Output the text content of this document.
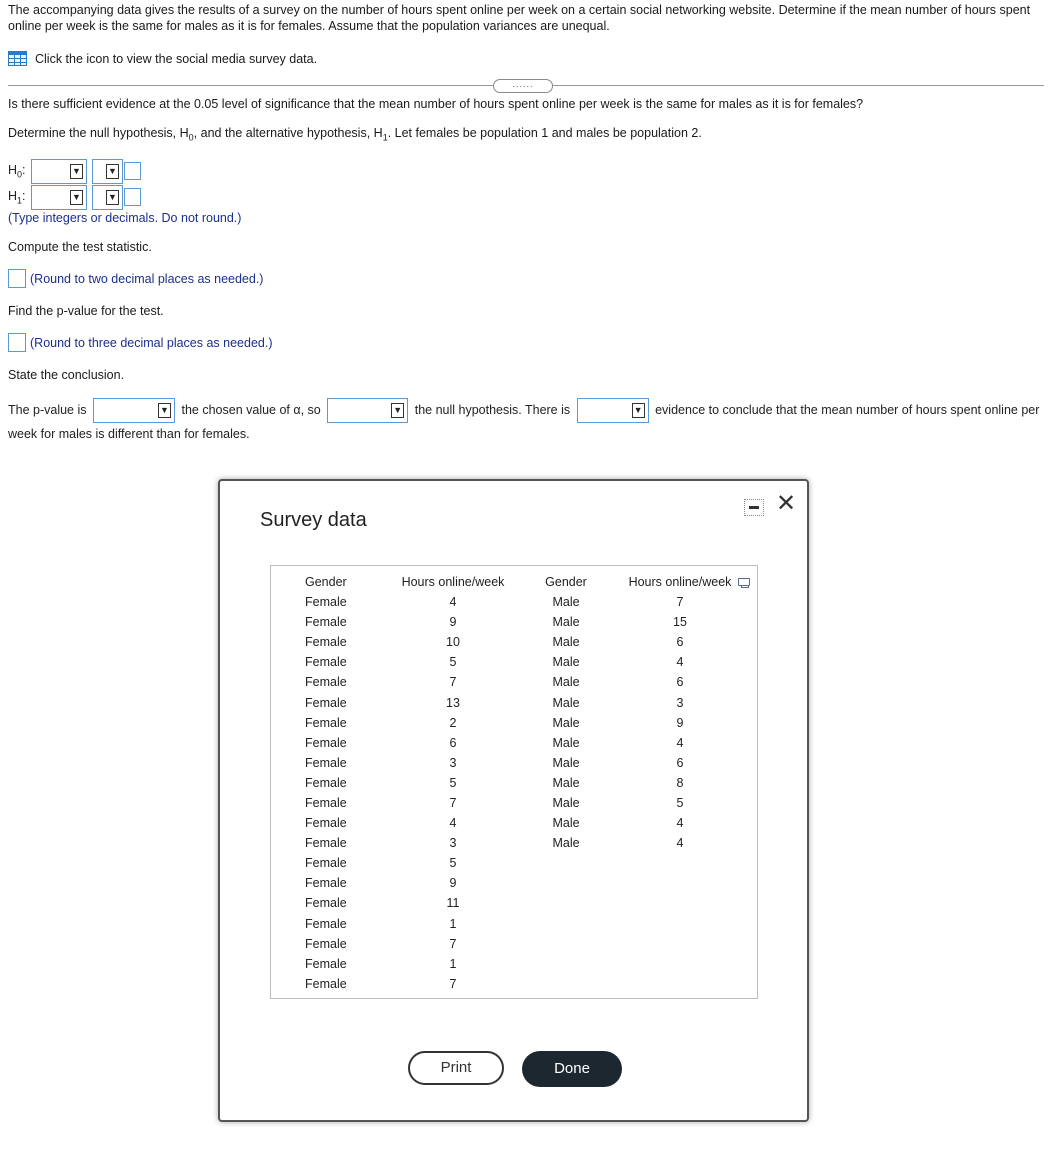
The accompanying data gives the results of a survey on the number of hours spent online per week on a certain social networking website. Determine if the mean number of hours spent online per week is the same for males as it is for females. Assume that the population variances are unequal.
Click the icon to view the social media survey data.
......
Is there sufficient evidence at the 0.05 level of significance that the mean number of hours spent online per week is the same for males as it is for females?
Determine the null hypothesis, $H_0$, and the alternative hypothesis, $H_1$. Let females be population 1 and males be population 2.
$H_0$:	▼	▼
$H_1$:	▼	▼
(Type integers or decimals. Do not round.)
Compute the test statistic.
(Round to two decimal places as needed.)
Find the p-value for the test.
(Round to three decimal places as needed.)
State the conclusion.
The p-value is	▼ the chosen value of α, so	▼ the null hypothesis. There is	▼ evidence to conclude that the mean number of hours spent online per week for males is different than for females.
Survey data
✕
Gender	Hours online/week	Gender	Hours online/week
Female	4	Male	7
Female	9	Male	15
Female	10	Male	6
Female	5	Male	4
Female	7	Male	6
Female	13	Male	3
Female	2	Male	9
Female	6	Male	4
Female	3	Male	6
Female	5	Male	8
Female	7	Male	5
Female	4	Male	4
Female	3	Male	4
Female	5		
Female	9		
Female	11		
Female	1		
Female	7		
Female	1		
Female	7		
Print	Done
